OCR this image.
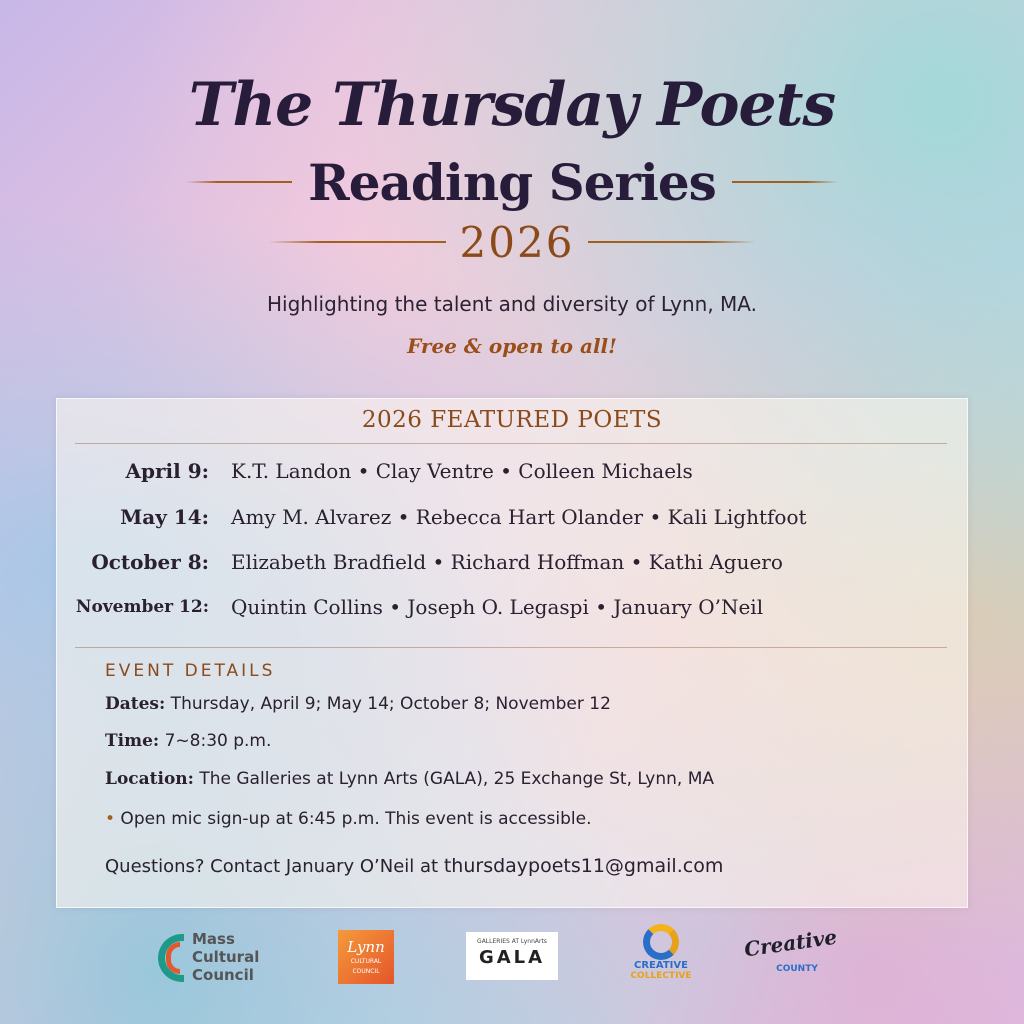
The Thursday Poets
Reading Series
2026
Highlighting the talent and diversity of Lynn, MA.
Free & open to all!
2026 FEATURED POETS
April 9: K.T. Landon • Clay Ventre • Colleen Michaels
May 14: Amy M. Alvarez • Rebecca Hart Olander • Kali Lightfoot
October 8: Elizabeth Bradfield • Richard Hoffman • Kathi Aguero
November 12: Quintin Collins • Joseph O. Legaspi • January O’Neil
EVENT DETAILS
Dates: Thursday, April 9; May 14; October 8; November 12
Time: 7~8:30 p.m.
Location: The Galleries at Lynn Arts (GALA), 25 Exchange St, Lynn, MA
• Open mic sign-up at 6:45 p.m. This event is accessible.
Questions? Contact January O’Neil at thursdaypoets11@gmail.com
Mass
Cultural
Council
Lynn
CULTURAL
COUNCIL
GALLERIES AT LynnArts
GALA	CREATIVE
COLLECTIVE
Creative
COUNTY
